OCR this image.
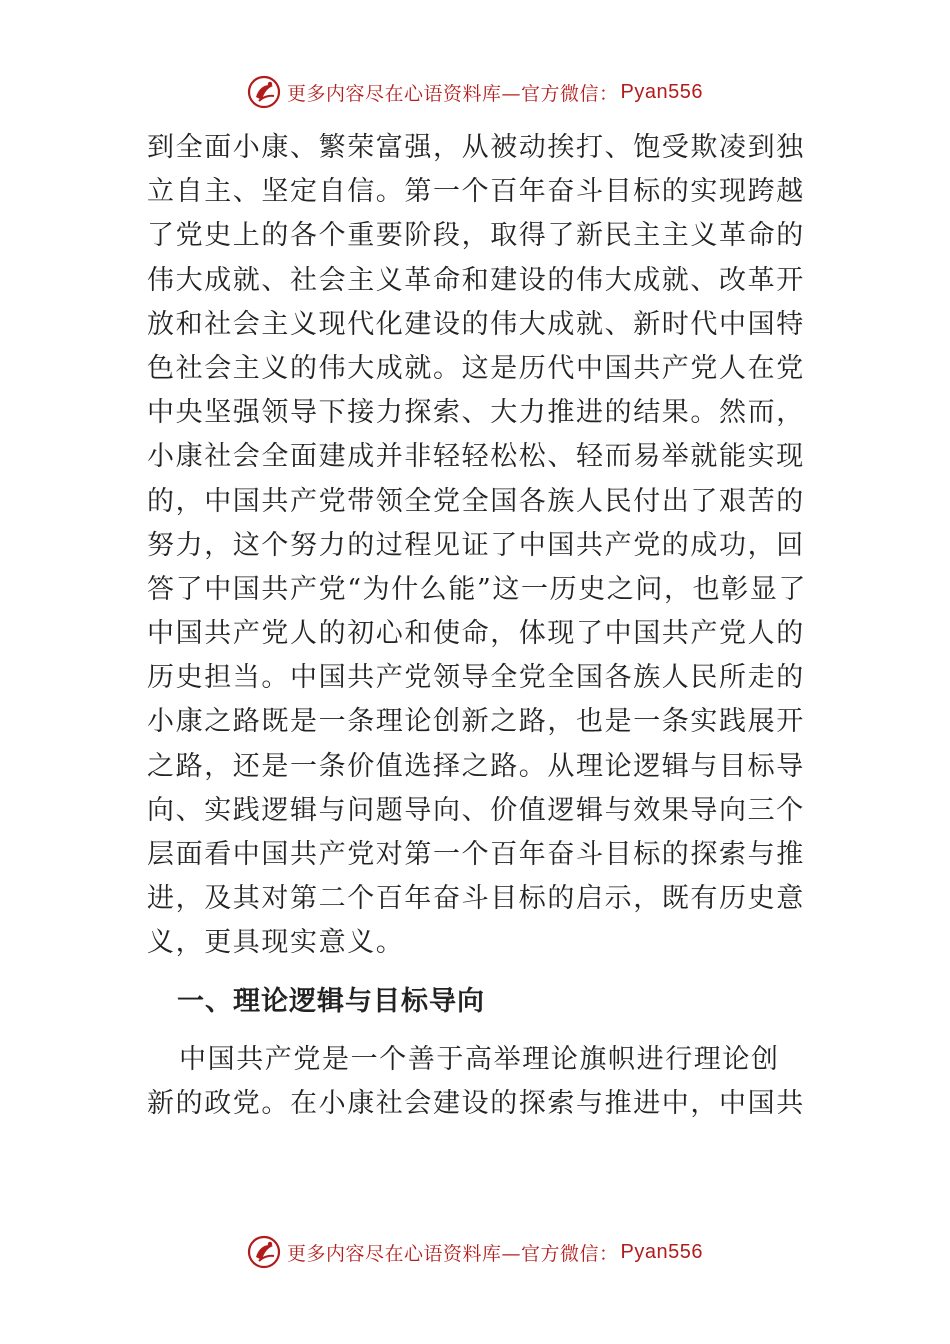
更多内容尽在心语资料库—官方微信： Pyan556
到全面小康、繁荣富强，从被动挨打、饱受欺凌到独
立自主、坚定自信。第一个百年奋斗目标的实现跨越
了党史上的各个重要阶段，取得了新民主主义革命的
伟大成就、社会主义革命和建设的伟大成就、改革开
放和社会主义现代化建设的伟大成就、新时代中国特
色社会主义的伟大成就。这是历代中国共产党人在党
中央坚强领导下接力探索、大力推进的结果。然而，
小康社会全面建成并非轻轻松松、轻而易举就能实现
的，中国共产党带领全党全国各族人民付出了艰苦的
努力，这个努力的过程见证了中国共产党的成功，回
答了中国共产党“为什么能”这一历史之问，也彰显了
中国共产党人的初心和使命，体现了中国共产党人的
历史担当。中国共产党领导全党全国各族人民所走的
小康之路既是一条理论创新之路，也是一条实践展开
之路，还是一条价值选择之路。从理论逻辑与目标导
向、实践逻辑与问题导向、价值逻辑与效果导向三个
层面看中国共产党对第一个百年奋斗目标的探索与推
进，及其对第二个百年奋斗目标的启示，既有历史意
义，更具现实意义。
一、理论逻辑与目标导向
中国共产党是一个善于高举理论旗帜进行理论创
新的政党。在小康社会建设的探索与推进中，中国共
更多内容尽在心语资料库—官方微信： Pyan556
